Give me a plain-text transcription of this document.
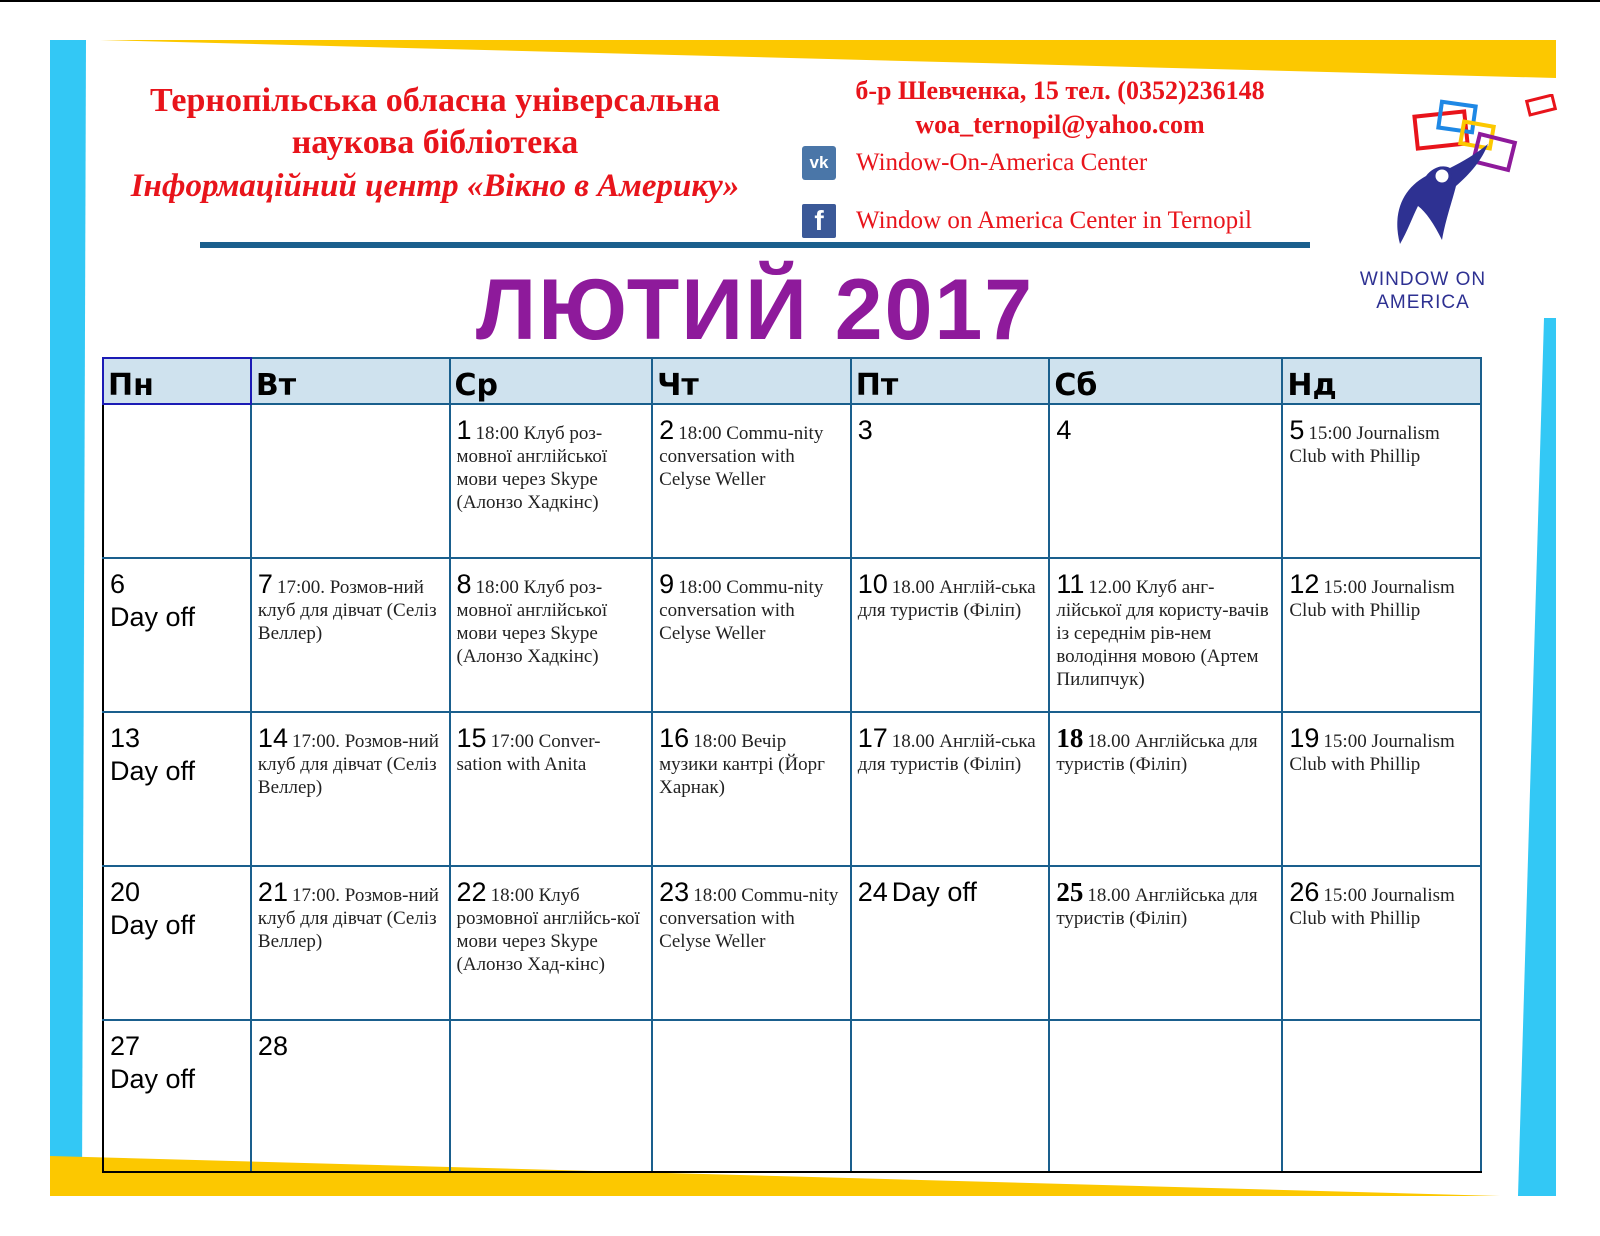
Тернопільська обласна універсальна
наукова бібліотека
Інформаційний центр «Вікно в Америку»
б-р Шевченка, 15 тел. (0352)236148
woa_ternopil@yahoo.com
vk	Window-On-America Center
f	Window on America Center in Ternopil
WINDOW ON
AMERICA
ЛЮТИЙ 2017
Пн	Вт	Ср	Чт	Пт	Сб	Нд
		1 18:00 Клуб роз-мовної англійської мови через Skype (Алонзо Хадкінс)	2 18:00 Commu-nity conversation with Celyse Weller	3	4	5 15:00 Journalism Club with Phillip
6
Day off	7 17:00. Розмов-ний клуб для дівчат (Селіз Веллер)	8 18:00 Клуб роз-мовної англійської мови через Skype (Алонзо Хадкінс)	9 18:00 Commu-nity conversation with Celyse Weller	10 18.00 Англій-ська для туристів (Філіп)	11 12.00 Клуб анг-лійської для користу-вачів із середнім рів-нем володіння мовою (Артем Пилипчук)	12 15:00 Journalism Club with Phillip
13
Day off	14 17:00. Розмов-ний клуб для дівчат (Селіз Веллер)	15 17:00 Conver-sation with Anita	16 18:00 Вечір музики кантрі (Йорг Харнак)	17 18.00 Англій-ська для туристів (Філіп)	18 18.00 Англійська для туристів (Філіп)	19 15:00 Journalism Club with Phillip
20
Day off	21 17:00. Розмов-ний клуб для дівчат (Селіз Веллер)	22 18:00 Клуб розмовної англійсь-кої мови через Skype (Алонзо Хад-кінс)	23 18:00 Commu-nity conversation with Celyse Weller	24 Day off	25 18.00 Англійська для туристів (Філіп)	26 15:00 Journalism Club with Phillip
27
Day off	28					
